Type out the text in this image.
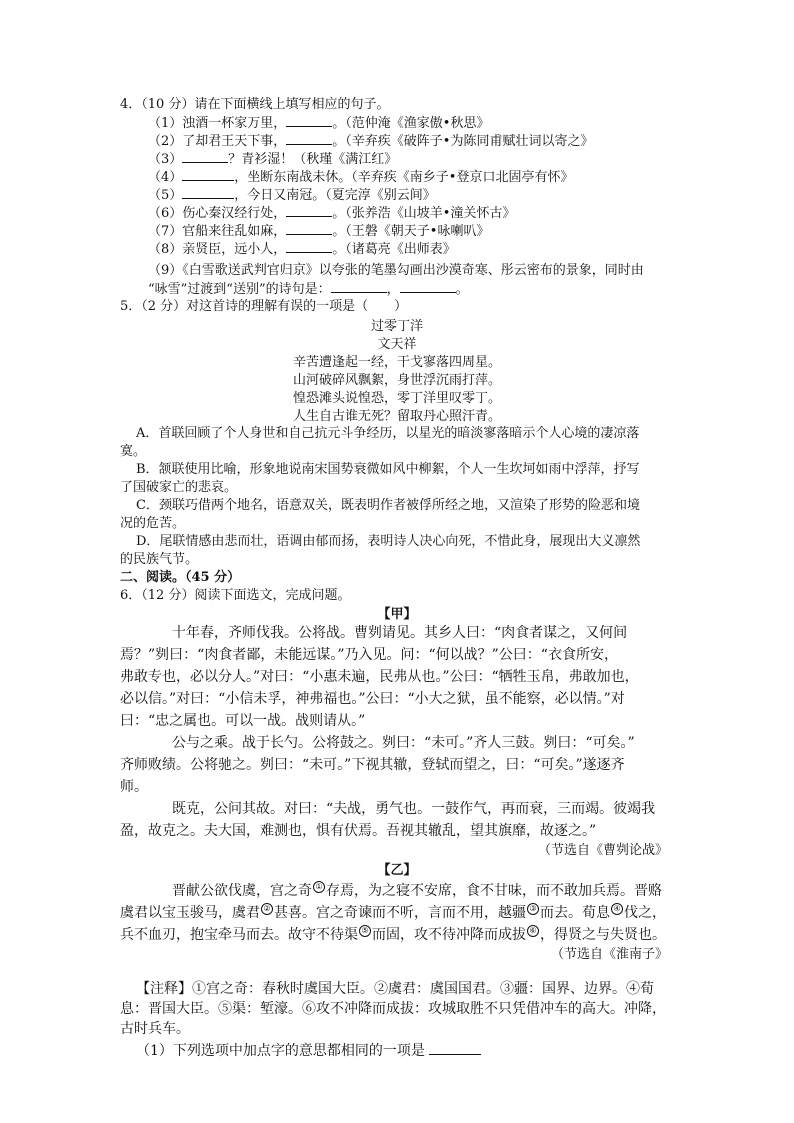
4．（10 分）请在下面横线上填写相应的句子。
（1）浊酒一杯家万里，	。（范仲淹《渔家傲•秋思》
（2）了却君王天下事，	。（辛弃疾《破阵子•为陈同甫赋壮词以寄之》
（3）	？青衫湿！（秋瑾《满江红》
（4）	，坐断东南战未休。（辛弃疾《南乡子•登京口北固亭有怀》
（5）	，今日又南冠。（夏完淳《别云间》
（6）伤心秦汉经行处，	。（张养浩《山坡羊•潼关怀古》
（7）官船来往乱如麻，	。（王磐《朝天子•咏喇叭》
（8）亲贤臣，远小人，	。（诸葛亮《出师表》
（9）《白雪歌送武判官归京》以夸张的笔墨勾画出沙漠奇寒、彤云密布的景象，同时由
“咏雪”过渡到“送别”的诗句是：	，	。
5．（2 分）对这首诗的理解有误的一项是（　　）
过零丁洋
文天祥
辛苦遭逢起一经，干戈寥落四周星。
山河破碎风飘絮，身世浮沉雨打萍。
惶恐滩头说惶恐，零丁洋里叹零丁。
人生自古谁无死？留取丹心照汗青。
A．首联回顾了个人身世和自己抗元斗争经历，以星光的暗淡寥落暗示个人心境的凄凉落
寞。
B．颔联使用比喻，形象地说南宋国势衰微如风中柳絮，个人一生坎坷如雨中浮萍，抒写
了国破家亡的悲哀。
C．颈联巧借两个地名，语意双关，既表明作者被俘所经之地，又渲染了形势的险恶和境
况的危苦。
D．尾联情感由悲而壮，语调由郁而扬，表明诗人决心向死，不惜此身，展现出大义凛然
的民族气节。
二、阅读。（45 分）
6．（12 分）阅读下面选文，完成问题。
【甲】
十年春，齐师伐我。公将战。曹刿请见。其乡人曰：“肉食者谋之，又何间
焉？”刿曰：“肉食者鄙，未能远谋。”乃入见。问：“何以战？”公曰：“衣食所安，
弗敢专也，必以分人。”对曰：“小惠未遍，民弗从也。”公曰：“牺牲玉帛，弗敢加也，
必以信。”对曰：“小信未孚，神弗福也。”公曰：“小大之狱，虽不能察，必以情。”对
曰：“忠之属也。可以一战。战则请从。”
公与之乘。战于长勺。公将鼓之。刿曰：“未可。”齐人三鼓。刿曰：“可矣。”
齐师败绩。公将驰之。刿曰：“未可。”下视其辙，登轼而望之，曰：“可矣。”遂逐齐
师。
既克，公问其故。对曰：“夫战，勇气也。一鼓作气，再而衰，三而竭。彼竭我
盈，故克之。夫大国，难测也，惧有伏焉。吾视其辙乱，望其旗靡，故逐之。”
（节选自《曹刿论战》
【乙】
晋献公欲伐虞，宫之奇 ① 存焉，为之寝不安席，食不甘味，而不敢加兵焉。晋赂
虞君以宝玉骏马，虞君 ② 甚喜。宫之奇谏而不听，言而不用，越疆 ③ 而去。荀息 ④ 伐之，
兵不血刃，抱宝牵马而去。故守不待渠 ⑤ 而固，攻不待冲降而成拔 ⑥ ，得贤之与失贤也。
（节选自《淮南子》
【注释】①宫之奇：春秋时虞国大臣。②虞君：虞国国君。③疆：国界、边界。④荀
息：晋国大臣。⑤渠：堑濠。⑥攻不冲降而成拔：攻城取胜不只凭借冲车的高大。冲降，
古时兵车。
（1）下列选项中加点字的意思都相同的一项是
